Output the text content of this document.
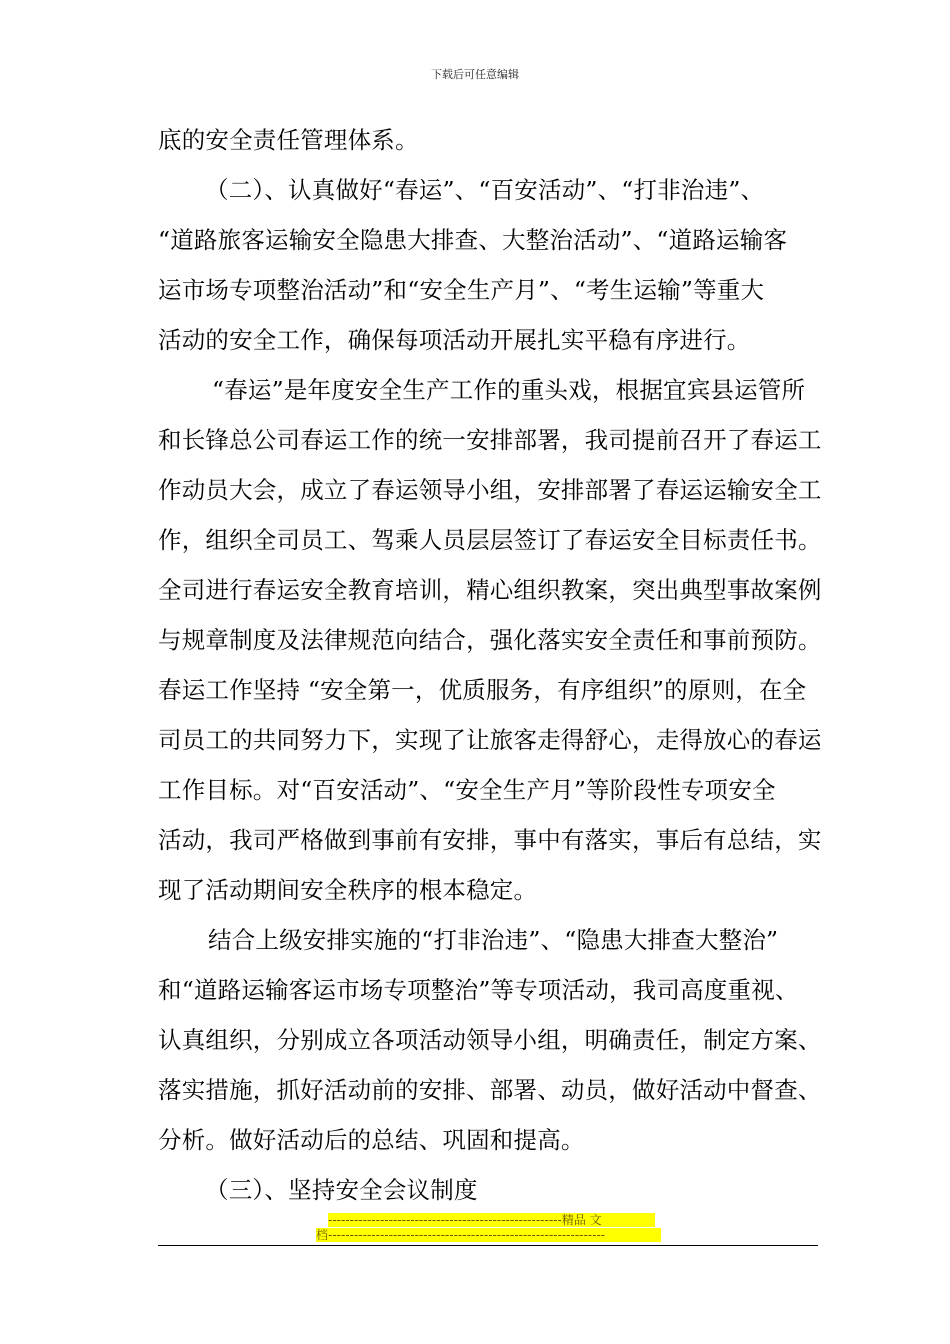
下载后可任意编辑
底的安全责任管理体系。
（二）、认真做好“春运”、“百安活动”、“打非治违”、
“道路旅客运输安全隐患大排查、大整治活动”、“道路运输客
运市场专项整治活动”和“安全生产月”、“考生运输”等重大
活动的安全工作，确保每项活动开展扎实平稳有序进行。
“春运”是年度安全生产工作的重头戏，根据宜宾县运管所
和长锋总公司春运工作的统一安排部署，我司提前召开了春运工
作动员大会，成立了春运领导小组，安排部署了春运运输安全工
作，组织全司员工、驾乘人员层层签订了春运安全目标责任书。
全司进行春运安全教育培训，精心组织教案，突出典型事故案例
与规章制度及法律规范向结合，强化落实安全责任和事前预防。
春运工作坚持 “安全第一，优质服务，有序组织”的原则，在全
司员工的共同努力下，实现了让旅客走得舒心，走得放心的春运
工作目标。对“百安活动”、“安全生产月”等阶段性专项安全
活动，我司严格做到事前有安排，事中有落实，事后有总结，实
现了活动期间安全秩序的根本稳定。
结合上级安排实施的“打非治违”、“隐患大排查大整治”
和“道路运输客运市场专项整治”等专项活动，我司高度重视、
认真组织，分别成立各项活动领导小组，明确责任，制定方案、
落实措施，抓好活动前的安排、部署、动员，做好活动中督查、
分析。做好活动后的总结、巩固和提高。
（三）、坚持安全会议制度
------------------------------------------------------精品 文
档----------------------------------------------------------------
